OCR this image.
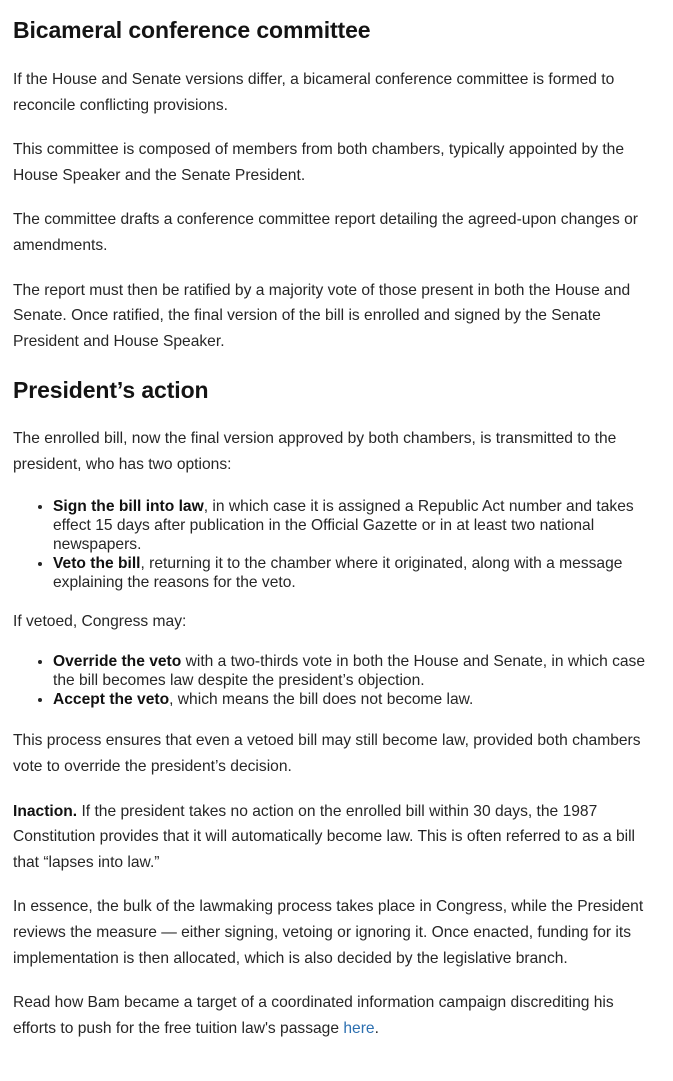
Bicameral conference committee

If the House and Senate versions differ, a bicameral conference committee is formed to reconcile conflicting provisions.

This committee is composed of members from both chambers, typically appointed by the House Speaker and the Senate President.

The committee drafts a conference committee report detailing the agreed-upon changes or amendments.

The report must then be ratified by a majority vote of those present in both the House and Senate. Once ratified, the final version of the bill is enrolled and signed by the Senate President and House Speaker.

President’s action

The enrolled bill, now the final version approved by both chambers, is transmitted to the president, who has two options:

• Sign the bill into law, in which case it is assigned a Republic Act number and takes effect 15 days after publication in the Official Gazette or in at least two national newspapers.
• Veto the bill, returning it to the chamber where it originated, along with a message explaining the reasons for the veto.

If vetoed, Congress may:

• Override the veto with a two-thirds vote in both the House and Senate, in which case the bill becomes law despite the president’s objection.
• Accept the veto, which means the bill does not become law.

This process ensures that even a vetoed bill may still become law, provided both chambers vote to override the president’s decision.

Inaction. If the president takes no action on the enrolled bill within 30 days, the 1987 Constitution provides that it will automatically become law. This is often referred to as a bill that “lapses into law.”

In essence, the bulk of the lawmaking process takes place in Congress, while the President reviews the measure — either signing, vetoing or ignoring it. Once enacted, funding for its implementation is then allocated, which is also decided by the legislative branch.

Read how Bam became a target of a coordinated information campaign discrediting his efforts to push for the free tuition law's passage here.
